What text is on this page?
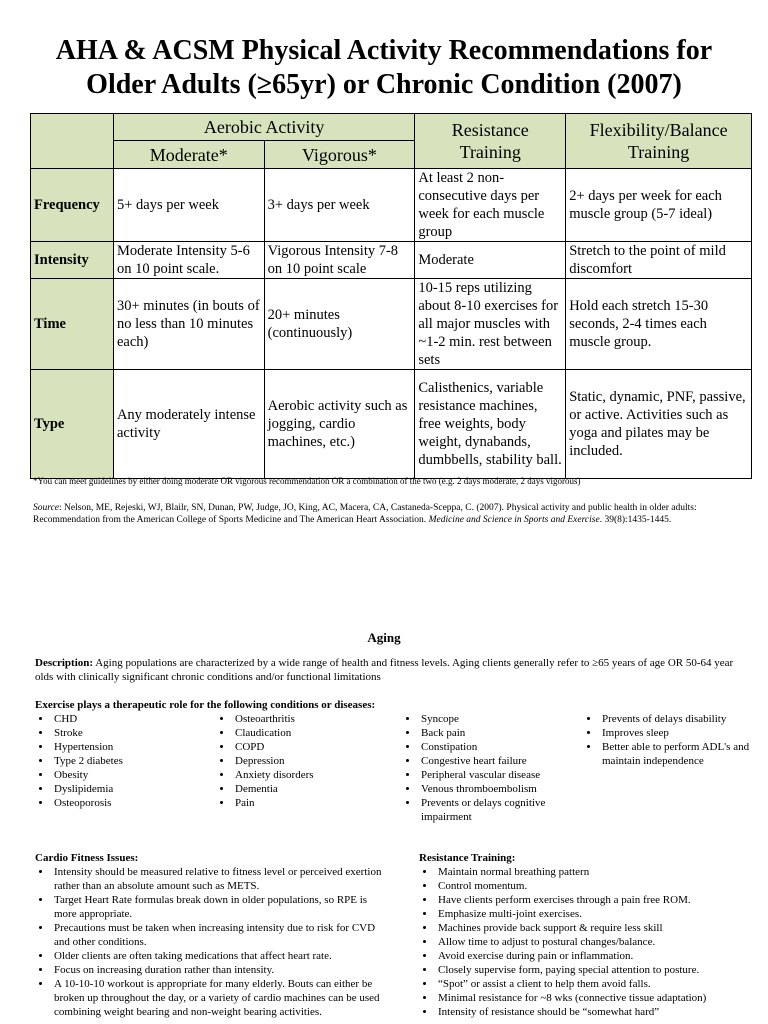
AHA & ACSM Physical Activity Recommendations for
Older Adults (≥65yr) or Chronic Condition (2007)
	Aerobic Activity		Resistance Training	Flexibility/Balance Training
	Moderate*	Vigorous*		
Frequency	5+ days per week	3+ days per week	At least 2 non-consecutive days per week for each muscle group	2+ days per week for each muscle group (5-7 ideal)
Intensity	Moderate Intensity 5-6 on 10 point scale.	Vigorous Intensity 7-8 on 10 point scale	Moderate	Stretch to the point of mild discomfort
Time	30+ minutes (in bouts of no less than 10 minutes each)	20+ minutes (continuously)	10-15 reps utilizing about 8-10 exercises for all major muscles with ~1-2 min. rest between sets	Hold each stretch 15-30 seconds, 2-4 times each muscle group.
Type	Any moderately intense activity	Aerobic activity such as jogging, cardio machines, etc.)	Calisthenics, variable resistance machines, free weights, body weight, dynabands, dumbbells, stability ball.	Static, dynamic, PNF, passive, or active. Activities such as yoga and pilates may be included.
*You can meet guidelines by either doing moderate OR vigorous recommendation OR a combination of the two (e.g. 2 days moderate, 2 days vigorous)
Source: Nelson, ME, Rejeski, WJ, Blailr, SN, Dunan, PW, Judge, JO, King, AC, Macera, CA, Castaneda-Sceppa, C. (2007). Physical activity and public health in older adults: Recommendation from the American College of Sports Medicine and The American Heart Association. Medicine and Science in Sports and Exercise. 39(8):1435-1445.
Aging
Description: Aging populations are characterized by a wide range of health and fitness levels. Aging clients generally refer to ≥65 years of age OR 50-64 year olds with clinically significant chronic conditions and/or functional limitations
Exercise plays a therapeutic role for the following conditions or diseases:
• CHD
• Stroke
• Hypertension
• Type 2 diabetes
• Obesity
• Dyslipidemia
• Osteoporosis
• Osteoarthritis
• Claudication
• COPD
• Depression
• Anxiety disorders
• Dementia
• Pain
• Syncope
• Back pain
• Constipation
• Congestive heart failure
• Peripheral vascular disease
• Venous thromboembolism
• Prevents or delays cognitive impairment
• Prevents of delays disability
• Improves sleep
• Better able to perform ADL's and maintain independence
Cardio Fitness Issues:
• Intensity should be measured relative to fitness level or perceived exertion rather than an absolute amount such as METS.
• Target Heart Rate formulas break down in older populations, so RPE is more appropriate.
• Precautions must be taken when increasing intensity due to risk for CVD and other conditions.
• Older clients are often taking medications that affect heart rate.
• Focus on increasing duration rather than intensity.
• A 10-10-10 workout is appropriate for many elderly. Bouts can either be broken up throughout the day, or a variety of cardio machines can be used combining weight bearing and non-weight bearing activities.
Resistance Training:
• Maintain normal breathing pattern
• Control momentum.
• Have clients perform exercises through a pain free ROM.
• Emphasize multi-joint exercises.
• Machines provide back support & require less skill
• Allow time to adjust to postural changes/balance.
• Avoid exercise during pain or inflammation.
• Closely supervise form, paying special attention to posture.
• “Spot” or assist a client to help them avoid falls.
• Minimal resistance for ~8 wks (connective tissue adaptation)
• Intensity of resistance should be “somewhat hard”
